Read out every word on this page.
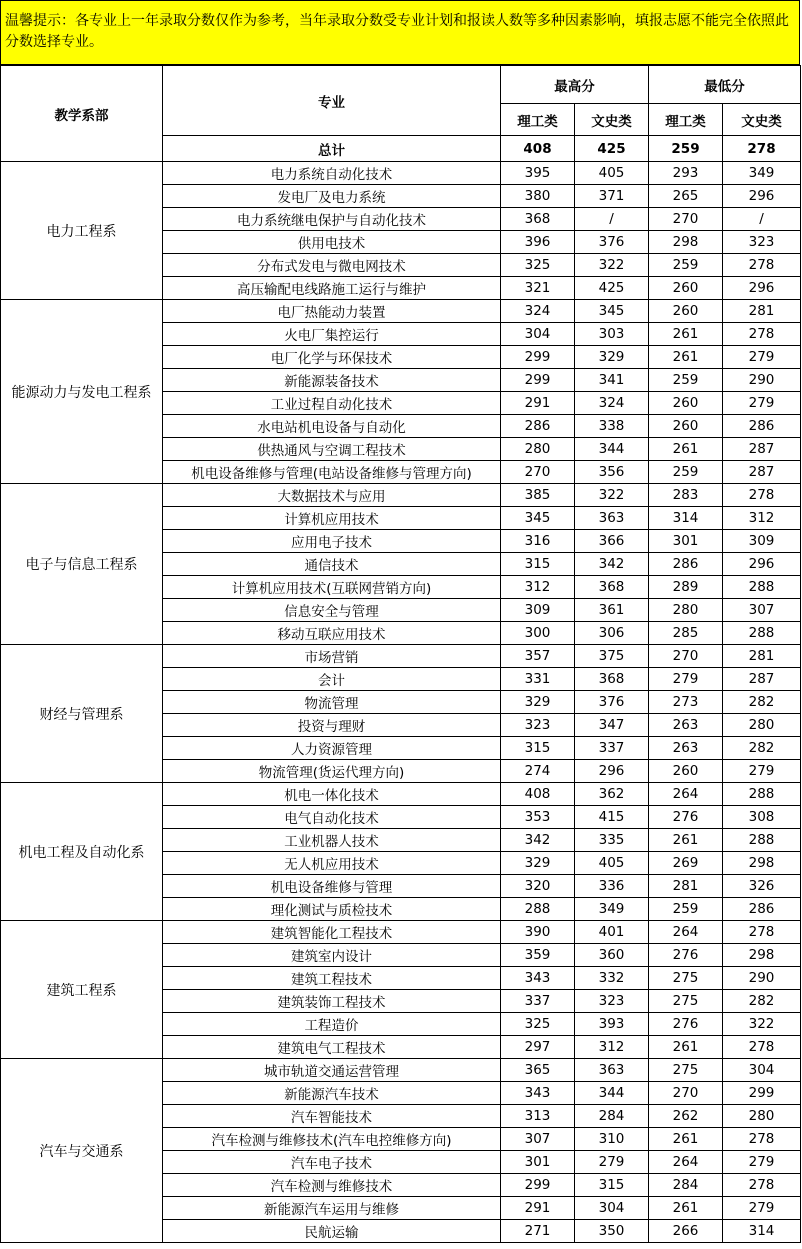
温馨提示：各专业上一年录取分数仅作为参考，当年录取分数受专业计划和报读人数等多种因素影响，填报志愿不能完全依照此分数选择专业。
教学系部	专业	最高分		最低分	
		理工类	文史类	理工类	文史类
	总计	408	425	259	278
电力工程系	电力系统自动化技术	395	405	293	349
	发电厂及电力系统	380	371	265	296
	电力系统继电保护与自动化技术	368	/	270	/
	供用电技术	396	376	298	323
	分布式发电与微电网技术	325	322	259	278
	高压输配电线路施工运行与维护	321	425	260	296
能源动力与发电工程系	电厂热能动力装置	324	345	260	281
	火电厂集控运行	304	303	261	278
	电厂化学与环保技术	299	329	261	279
	新能源装备技术	299	341	259	290
	工业过程自动化技术	291	324	260	279
	水电站机电设备与自动化	286	338	260	286
	供热通风与空调工程技术	280	344	261	287
	机电设备维修与管理(电站设备维修与管理方向)	270	356	259	287
电子与信息工程系	大数据技术与应用	385	322	283	278
	计算机应用技术	345	363	314	312
	应用电子技术	316	366	301	309
	通信技术	315	342	286	296
	计算机应用技术(互联网营销方向)	312	368	289	288
	信息安全与管理	309	361	280	307
	移动互联应用技术	300	306	285	288
财经与管理系	市场营销	357	375	270	281
	会计	331	368	279	287
	物流管理	329	376	273	282
	投资与理财	323	347	263	280
	人力资源管理	315	337	263	282
	物流管理(货运代理方向)	274	296	260	279
机电工程及自动化系	机电一体化技术	408	362	264	288
	电气自动化技术	353	415	276	308
	工业机器人技术	342	335	261	288
	无人机应用技术	329	405	269	298
	机电设备维修与管理	320	336	281	326
	理化测试与质检技术	288	349	259	286
建筑工程系	建筑智能化工程技术	390	401	264	278
	建筑室内设计	359	360	276	298
	建筑工程技术	343	332	275	290
	建筑装饰工程技术	337	323	275	282
	工程造价	325	393	276	322
	建筑电气工程技术	297	312	261	278
汽车与交通系	城市轨道交通运营管理	365	363	275	304
	新能源汽车技术	343	344	270	299
	汽车智能技术	313	284	262	280
	汽车检测与维修技术(汽车电控维修方向)	307	310	261	278
	汽车电子技术	301	279	264	279
	汽车检测与维修技术	299	315	284	278
	新能源汽车运用与维修	291	304	261	279
	民航运输	271	350	266	314
